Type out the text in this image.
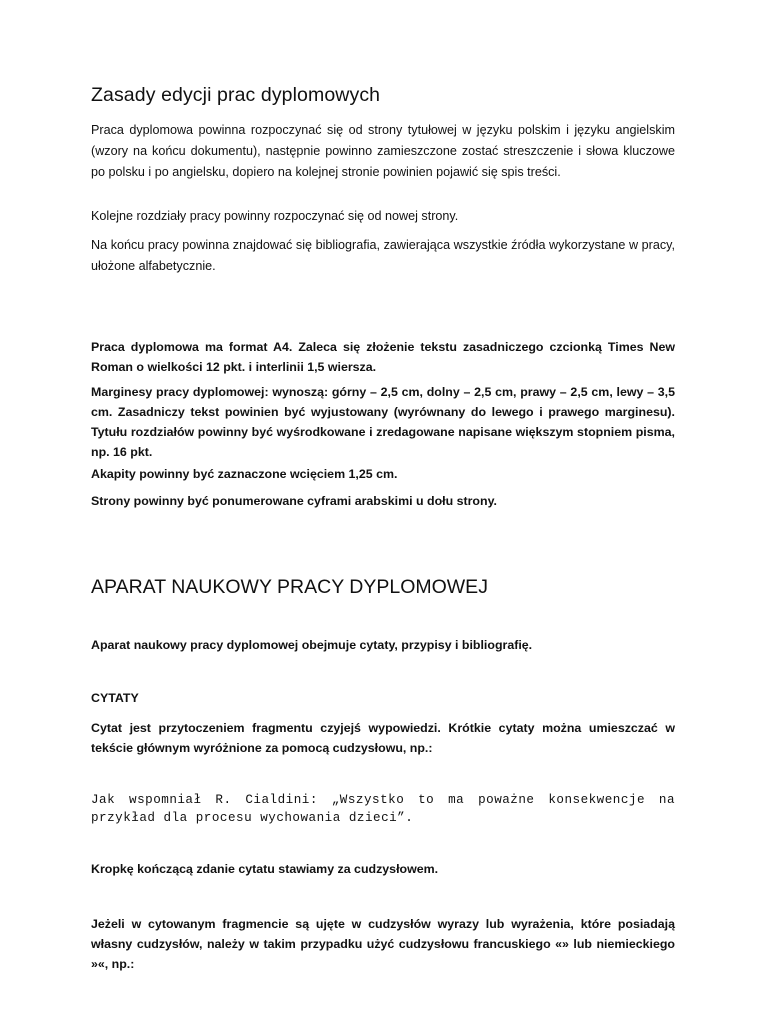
Zasady edycji prac dyplomowych

Praca dyplomowa powinna rozpoczynać się od strony tytułowej w języku polskim i języku angielskim (wzory na końcu dokumentu), następnie powinno zamieszczone zostać streszczenie i słowa kluczowe po polsku i po angielsku, dopiero na kolejnej stronie powinien pojawić się spis treści.

Kolejne rozdziały pracy powinny rozpoczynać się od nowej strony.

Na końcu pracy powinna znajdować się bibliografia, zawierająca wszystkie źródła wykorzystane w pracy, ułożone alfabetycznie.

Praca dyplomowa ma format A4. Zaleca się złożenie tekstu zasadniczego czcionką Times New Roman o wielkości 12 pkt. i interlinii 1,5 wiersza.

Marginesy pracy dyplomowej: wynoszą: górny – 2,5 cm, dolny – 2,5 cm, prawy – 2,5 cm, lewy – 3,5 cm. Zasadniczy tekst powinien być wyjustowany (wyrównany do lewego i prawego marginesu). Tytułu rozdziałów powinny być wyśrodkowane i zredagowane napisane większym stopniem pisma, np. 16 pkt.

Akapity powinny być zaznaczone wcięciem 1,25 cm.

Strony powinny być ponumerowane cyframi arabskimi u dołu strony.

APARAT NAUKOWY PRACY DYPLOMOWEJ

Aparat naukowy pracy dyplomowej obejmuje cytaty, przypisy i bibliografię.

CYTATY

Cytat jest przytoczeniem fragmentu czyjejś wypowiedzi. Krótkie cytaty można umieszczać w tekście głównym wyróżnione za pomocą cudzysłowu, np.:

Jak wspomniał R. Cialdini: „Wszystko to ma poważne konsekwencje na przykład dla procesu wychowania dzieci”.

Kropkę kończącą zdanie cytatu stawiamy za cudzysłowem.

Jeżeli w cytowanym fragmencie są ujęte w cudzysłów wyrazy lub wyrażenia, które posiadają własny cudzysłów, należy w takim przypadku użyć cudzysłowu francuskiego «» lub niemieckiego »«, np.:
